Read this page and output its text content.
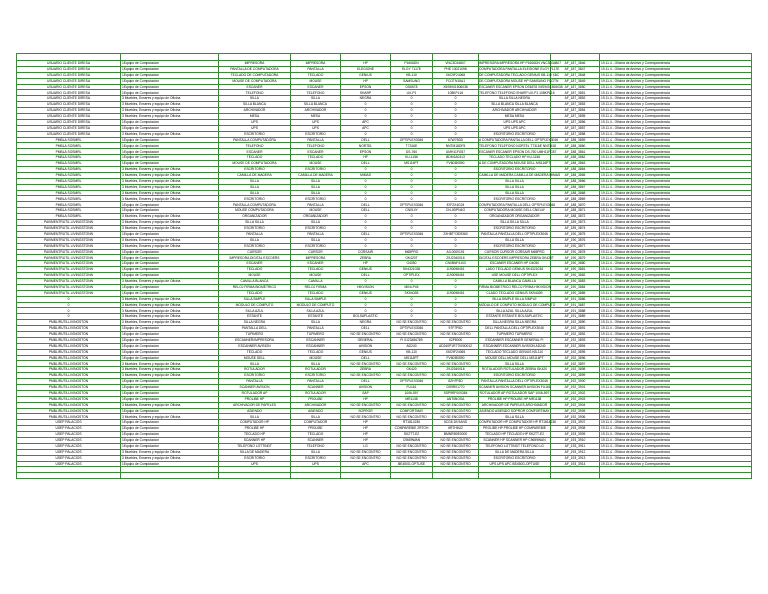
USUARIO CLIENTE DIRESA	1Equipo de Computacion	IMPRESORA	IMPRESORA	HP	P1606DN	VNC3D34807	IMPRESORA IMPRESORA HP P1606DN VNC3D34807	AF_187_3846	19.11.4 - Oficina de Archivo y Correspondencia
USUARIO CLIENTE DIRESA	1Equipo de Computacion	PANTALLA DE COMPUTADORA	PANTALLA	ELEGIONE	ELGY 7117E	PHE 13021098	COMPUTADORA PANTALLA ELEGIONE ELGY 7117E	AF_187_3847	19.11.4 - Oficina de Archivo y Correspondencia
USUARIO CLIENTE DIRESA	1Equipo de Computacion	TECLADO DE COMPUTADORA	TECLADO	GENIUS	KB-110	X6C9F24065	DE COMPUTADORA TECLADO GENIUS KB-110 X6C	AF_187_3848	19.11.4 - Oficina de Archivo y Correspondencia
USUARIO CLIENTE DIRESA	1Equipo de Computacion	MOUSE DE COMPUTADORA	MOUSE	HP	SAMSUNG	FCGTN15A1	DE COMPUTADORA MOUSE HP SAMSUNG FCGTN	AF_187_3849	19.11.4 - Oficina de Archivo y Correspondencia
USUARIO CLIENTE DIRESA	1Equipo de Computacion	ESCANER	ESCANER	EPSON	DS6578	X5S9001506038	ESCANER ESCANER EPSON DS6578 X5S9001506038	AF_187_3850	19.11.4 - Oficina de Archivo y Correspondencia
USUARIO CLIENTE DIRESA	1Equipo de Computacion	TELEFONO	TELEFONO	SHARP	UX-P1	108KPL16	TELEFONO TELEFONO SHARP UX-P1 108KPL16	AF_187_3851	19.11.4 - Oficina de Archivo y Correspondencia
USUARIO CLIENTE DIRESA	3 Muebles, Enseres y equipo de Oficina	SILLA	SILLA	NEGRA	0	0	SILLA SILLA NEGRA	AF_187_3852	19.11.4 - Oficina de Archivo y Correspondencia
USUARIO CLIENTE DIRESA	3 Muebles, Enseres y equipo de Oficina	SILLA BLANCA	SILLA BLANCA	0	0	0	SILLA BLANCA SILLA BLANCA	AF_187_3853	19.11.4 - Oficina de Archivo y Correspondencia
USUARIO CLIENTE DIRESA	3 Muebles, Enseres y equipo de Oficina	ARCHIVADOR	ARCHIVADOR	0	0	0	ARCHIVADOR ARCHIVADOR	AF_187_3854	19.11.4 - Oficina de Archivo y Correspondencia
USUARIO CLIENTE DIRESA	3 Muebles, Enseres y equipo de Oficina	MESA	MESA	0	0	0	MESA MESA	AF_187_3855	19.11.4 - Oficina de Archivo y Correspondencia
USUARIO CLIENTE DIRESA	1Equipo de Computacion	UPS	UPS	APC	0	0	UPS UPS APC	AF_187_3856	19.11.4 - Oficina de Archivo y Correspondencia
USUARIO CLIENTE DIRESA	1Equipo de Computacion	UPS	UPS	APC	0	0	UPS UPS APC	AF_187_3857	19.11.4 - Oficina de Archivo y Correspondencia
USUARIO CLIENTE DIRESA	3 Muebles, Enseres y equipo de Oficina	ESCRITORIO	ESCRITORIO	0	0	0	ESCRITORIO ESCRITORIO	AF_187_3858	19.11.4 - Oficina de Archivo y Correspondencia
PMBLA SOSMRL	1Equipo de Computacion	PANTALLA COMPUTADORA	PANTALLA	DELL	OPTIPLEX3046	67W7B3D	A COMPUTADORA PANTALLA DELL OPTIPLEX3046	AF_188_3859	19.11.4 - Oficina de Archivo y Correspondencia
PMBLA SOSMRL	1Equipo de Computacion	TELEFONO	TELEFONO	NORTEL	T7316E	NNTM18DF5	TELEFONO TELEFONO NORTEL T7316E NNTM18	AF_188_3860	19.11.4 - Oficina de Archivo y Correspondencia
PMBLA SOSMRL	1Equipo de Computacion	ESCANER	ESCANER	EPSON	DS-760	UMH11FG57	ESCANER ESCANER EPSON DS-760 UMH11FG57	AF_188_3861	19.11.4 - Oficina de Archivo y Correspondencia
PMBLA SOSMRL	1Equipo de Computacion	TECLADO	TECLADO	HP	KU-1156	BDM1A0413	TECLADO TECLADO HP KU-1156	AF_188_3862	19.11.4 - Oficina de Archivo y Correspondencia
PMBLA SOSMRL	1Equipo de Computacion	MOUSE DE COMPUTADORA	MOUSE	DELL	MS116PT	FV6DB0590	A DE COMPUTADORA MOUSE DELL MS116PT	AF_188_3863	19.11.4 - Oficina de Archivo y Correspondencia
PMBLA SOSMRL	3 Muebles, Enseres y equipo de Oficina	ESCRITORIO	ESCRITORIO	0	0	0	ESCRITORIO ESCRITORIO	AF_188_3864	19.11.4 - Oficina de Archivo y Correspondencia
PMBLA SOSMRL	3 Muebles, Enseres y equipo de Oficina	CAMILLA DE MADERA	CAMILLA DE MADERA	MIMAS	0	0	CAMILLA DE MADERA CAMILLA DE MADERA MIMAS	AF_188_3865	19.11.4 - Oficina de Archivo y Correspondencia
PMBLA SOSMRL	3 Muebles, Enseres y equipo de Oficina	SILLA	SILLA	0	0	0	SILLA SILLA	AF_188_3866	19.11.4 - Oficina de Archivo y Correspondencia
PMBLA SOSMRL	3 Muebles, Enseres y equipo de Oficina	SILLA	SILLA	0	0	0	SILLA SILLA	AF_188_3867	19.11.4 - Oficina de Archivo y Correspondencia
PMBLA SOSMRL	3 Muebles, Enseres y equipo de Oficina	SILLA	SILLA	0	0	0	SILLA SILLA	AF_188_3868	19.11.4 - Oficina de Archivo y Correspondencia
PMBLA SOSMRL	3 Muebles, Enseres y equipo de Oficina	ESCRITORIO	ESCRITORIO	0	0	0	ESCRITORIO ESCRITORIO	AF_188_3869	19.11.4 - Oficina de Archivo y Correspondencia
PMBLA SOSMRL	1Equipo de Computacion	PANTALLA COMPUTADORA	PANTALLA	DELL	OPTIPLEX3046	87F2X4G24	COMPUTADORA PANTALLA DELL OPTIPLEX3046	AF_188_3870	19.11.4 - Oficina de Archivo y Correspondencia
PMBLA SOSMRL	1Equipo de Computacion	MOUSE COMPUTADORA	MOUSE	DELL	CN014Y	CN-0DPN4G	COMPUTADORA MOUSE DELL CN014Y	AF_188_3871	19.11.4 - Oficina de Archivo y Correspondencia
PMBLA SOSMRL	3 Muebles, Enseres y equipo de Oficina	ORGANIZADOR	ORGANIZADOR	0	0	0	ORGANIZADOR ORGANIZADOR	AF_188_3872	19.11.4 - Oficina de Archivo y Correspondencia
PAVIMENTRUTIL LIVINGSTONN	3 Muebles, Enseres y equipo de Oficina	SILLA SILLA	SILLA	0	0	0	SILLA SILLA SILLA	AF_189_3873	19.11.4 - Oficina de Archivo y Correspondencia
PAVIMENTRUTIL LIVINGSTONN	3 Muebles, Enseres y equipo de Oficina	ESCRITORIO	ESCRITORIO	0	0	0	ESCRITORIO ESCRITORIO	AF_189_3874	19.11.4 - Oficina de Archivo y Correspondencia
PAVIMENTRUTIL LIVINGSTONN	1Equipo de Computacion	PANTALLA	PANTALLA	DELL	OPTIPLEX3046	2XHBTY3D9360	PANTALLA PANTALLA DELL OPTIPLEX3046	AF_190_3875	19.11.4 - Oficina de Archivo y Correspondencia
PAVIMENTRUTIL LIVINGSTONN	3 Muebles, Enseres y equipo de Oficina	SILLA	SILLA	0	0	0	SILLA SILLA	AF_190_3876	19.11.4 - Oficina de Archivo y Correspondencia
PAVIMENTRUTIL LIVINGSTONN	3 Muebles, Enseres y equipo de Oficina	ESCRITORIO	ESCRITORIO	0	0	0	ESCRITORIO ESCRITORIO	AF_190_3877	19.11.4 - Oficina de Archivo y Correspondencia
PAVIMENTRUTIL LIVINGSTONN	1Equipo de Computacion	CURSOR	CURSOR	CORSAIR	M65PRO	A3-0000191	CURSOR CURSOR CORSAIR M65PRO	AF_190_3878	19.11.4 - Oficina de Archivo y Correspondencia
PAVIMENTRUTIL LIVINGSTONN	1Equipo de Computacion	IMPRESORA DIGITAL ESCOERS	IMPRESORA	ZEBRA	GK420T	29J2340016	DIGITAL ESCOERS IMPRESORA ZEBRA GK420T	AF_190_3879	19.11.4 - Oficina de Archivo y Correspondencia
PAVIMENTRUTIL LIVINGSTONN	1Equipo de Computacion	ESCANER	ESCANER	HP	G4050	CN0BNF4103	ESCANER ESCANER HP G4050	AF_190_3880	19.11.4 - Oficina de Archivo y Correspondencia
PAVIMENTRUTIL LIVINGSTONN	1Equipo de Computacion	TECLADO	TECLADO	GENIUS	SK4321038	1190098451	LADO TECLADO GENIUS SK4321038	AF_190_3881	19.11.4 - Oficina de Archivo y Correspondencia
PAVIMENTRUTIL LIVINGSTONN	1Equipo de Computacion	MOUSE	MOUSE	DELL	OPTIPLEX	1190098451	USE MOUSE DELL OPTIPLEX	AF_190_3882	19.11.4 - Oficina de Archivo y Correspondencia
PAVIMENTRUTIL LIVINGSTONN	3 Muebles, Enseres y equipo de Oficina	CAMILLA BLANCA	CAMILLA	0	0	0	CAMILLA BLANCA CAMILLA	AF_190_3883	19.11.4 - Oficina de Archivo y Correspondencia
PAVIMENTRUTIL LIVINGSTONN	1Equipo de Computacion	RELOJ FIRMA BIOMETRICO	RELOJ FIRMA	HIKVISION	MINI-P45	0	FIRMA BIOMETRICO RELOJ FIRMA HIKVISION	AF_190_3884	19.11.4 - Oficina de Archivo y Correspondencia
PAVIMENTRUTIL LIVINGSTONN	1Equipo de Computacion	TECLADO	TECLADO	GENIUS	SK9402B	1190098451	CLADO TECLADO GENIUS SK9402B	AF_190_3885	19.11.4 - Oficina de Archivo y Correspondencia
0	3 Muebles, Enseres y equipo de Oficina	SILLA SIMPLE	SILLA SIMPLE	0	0	0	SILLA SIMPLE SILLA SIMPLE	AF_191_3886	19.11.4 - Oficina de Archivo y Correspondencia
0	3 Muebles, Enseres y equipo de Oficina	MODULO DE COMPUTO	MODULO DE COMPUTO	0	0	0	MODULO DE COMPUTO MODULO DE COMPUTO	AF_191_3887	19.11.4 - Oficina de Archivo y Correspondencia
0	3 Muebles, Enseres y equipo de Oficina	SILLA AZUL	SILLA AZUL	0	0	0	SILLA AZUL SILLA AZUL	AF_191_3888	19.11.4 - Oficina de Archivo y Correspondencia
0	3 Muebles, Enseres y equipo de Oficina	ESTANTE	ESTANTE	BOLSAPLASTIC	0	0	ESTANTE ESTANTE BOLSAPLASTIC	AF_191_3889	19.11.4 - Oficina de Archivo y Correspondencia
PMBLIRUTILLIVINGSTON	3 Muebles, Enseres y equipo de Oficina	SILLA NEGRA	SILLA	NEGRA	NO SE ENCONTRO	NO SE ENCONTRO	SILLA NEGRA SILLA NEGRA	AF_192_3890	19.11.4 - Oficina de Archivo y Correspondencia
PMBLIRUTILLIVINGSTON	1Equipo de Computacion	PANTALLA DELL	PANTALLA	DELL	OPTIPLEX3046	97F7P5D	DELL PANTALLA DELL OPTIPLEX3046	AF_192_3891	19.11.4 - Oficina de Archivo y Correspondencia
PMBLIRUTILLIVINGSTON	1Equipo de Computacion	TUPIMERO	TUPIMERO	NO SE ENCONTRO	NO SE ENCONTRO	NO SE ENCONTRO	TUPIMERO TUPIMERO	AF_192_3892	19.11.4 - Oficina de Archivo y Correspondencia
PMBLIRUTILLIVINGSTON	1Equipo de Computacion	ESCANNER/IMPRESORA	ESCANNER	GENERAL	FI 0123456789	X2P8000	ESCANNER ESCANNER GENERAL FI	AF_192_3893	19.11.4 - Oficina de Archivo y Correspondencia
PMBLIRUTILLIVINGSTON	1Equipo de Computacion	ESCANNER AVISION	ESCANNER	AVISION	AD240	AD240P1R770000012	ESCANNER ESCANNER AVISION AD240	AF_192_3894	19.11.4 - Oficina de Archivo y Correspondencia
PMBLIRUTILLIVINGSTON	1Equipo de Computacion	TECLADO	TECLADO	GENIUS	KB-110	X6C9F24065	TECLADO TECLADO GENIUS KB-110	AF_192_3895	19.11.4 - Oficina de Archivo y Correspondencia
PMBLIRUTILLIVINGSTON	1Equipo de Computacion	MOUSE DELL	MOUSE	DELL	MS116PT	FV6DB0590	MOUSE DELL MOUSE DELL MS116PT	AF_192_3896	19.11.4 - Oficina de Archivo y Correspondencia
PMBLIRUTILLIVINGSTON	3 Muebles, Enseres y equipo de Oficina	SILLA	SILLA	NO SE ENCONTRO	NO SE ENCONTRO	NO SE ENCONTRO	SILLA SILLA	AF_192_3897	19.11.4 - Oficina de Archivo y Correspondencia
PMBLIRUTILLIVINGSTON	3 Muebles, Enseres y equipo de Oficina	ROTULADOR	ROTULADOR	ZEBRA	GK420	29J2340016	ROTULADOR ROTULADOR ZEBRA GK420	AF_192_3898	19.11.4 - Oficina de Archivo y Correspondencia
PMBLIRUTILLIVINGSTON	3 Muebles, Enseres y equipo de Oficina	ESCRITORIO	ESCRITORIO	NO SE ENCONTRO	NO SE ENCONTRO	NO SE ENCONTRO	ESCRITORIO ESCRITORIO	AF_192_3899	19.11.4 - Oficina de Archivo y Correspondencia
PMBLIRUTILLIVINGSTON	1Equipo de Computacion	PANTALLA	PANTALLA	DELL	OPTIPLEX3046	8ZH7P5D	PANTALLA PANTALLA DELL OPTIPLEX3046	AF_192_3900	19.11.4 - Oficina de Archivo y Correspondencia
PMBLIRUTILLIVINGSTON	1Equipo de Computacion	SCANNER AVISION	SCANNER	AVISION	FU161	DS9R01770	SCANNER AVISION SCANNER AVISION FU161	AF_192_3901	19.11.4 - Oficina de Archivo y Correspondencia
PMBLIRUTILLIVINGSTON	1Equipo de Computacion	ROTULADOR AP	ROTULADOR	SAP	1006-597	SSP9RF000384	ROTULADOR AP ROTULADOR SAP 1006-597	AF_192_3902	19.11.4 - Oficina de Archivo y Correspondencia
PMBLIRUTILLIVINGSTON	1Equipo de Computacion	PROLIBE HP	PROLIBE	HP	MR1138	ANTIBIOSA	PROLIBE HP PROLIBE HP MR1138	AF_192_3903	19.11.4 - Oficina de Archivo y Correspondencia
PMBLIRUTILLIVINGSTON	3 Muebles, Enseres y equipo de Oficina	ARCHIVADOR DE PAPELES	ARCHIVADOR	NO SE ENCONTRO	NO SE ENCONTRO	NO SE ENCONTRO	ARCHIVADOR DE PAPELES ARCHIVADOR	AF_192_3904	19.11.4 - Oficina de Archivo y Correspondencia
PMBLIRUTILLIVINGSTON	1Equipo de Computacion	ASIENDO	ASIENDO	SOPROR	COMFORTMAY	NO SE ENCONTRO	ASIENDO ASIENDO SOPROR COMFORTMAY	AF_192_3905	19.11.4 - Oficina de Archivo y Correspondencia
PMBLIRUTILLIVINGSTON	3 Muebles, Enseres y equipo de Oficina	SILLA	SILLA	NO SE ENCONTRO	NO SE ENCONTRO	NO SE ENCONTRO	SILLA SILLA	AF_192_3906	19.11.4 - Oficina de Archivo y Correspondencia
USEP PALACIOS	1Equipo de Computacion	COMPUTADOR HP	COMPUTADOR	HP	RT1814236	5CG8 1B 9ANS	COMPUTADOR HP COMPUTADOR HP RT1814236	AF_193_3907	19.11.4 - Oficina de Archivo y Correspondencia
USEP PALACIOS	1Equipo de Computacion	PROLIBE HP	PROLIBE	HP	COMPAREBIE 2RTOH	6RTH6U2	PROLIBE HP PROLIBE HP COMPAREBIE	AF_193_3908	19.11.4 - Oficina de Archivo y Correspondencia
USEP PALACIOS	1Equipo de Computacion	TECLADO HP	TECLADO	HP	SK2TT-E2	BMNRB0E0000	TECLADO HP TECLADO HP SK2TT-E2	AF_193_3909	19.11.4 - Oficina de Archivo y Correspondencia
USEP PALACIOS	1Equipo de Computacion	SCANNER HP	SCANNER	HP	C9659WAN	NO SE ENCONTRO	SCANNER HP SCANNER HP C9659WAN	AF_193_3910	19.11.4 - Oficina de Archivo y Correspondencia
USEP PALACIOS	1Equipo de Computacion	TELEFONO LGTTINDT	TELEFONO	LG	NO SE ENCONTRO	NO SE ENCONTRO	TELEFONO LGTTINDT TELEFONO LG	AF_193_3911	19.11.4 - Oficina de Archivo y Correspondencia
USEP PALACIOS	3 Muebles, Enseres y equipo de Oficina	SILLA DE MADERA	SILLA	NO SE ENCONTRO	NO SE ENCONTRO	NO SE ENCONTRO	SILLA DE MADERA SILLA	AF_193_3912	19.11.4 - Oficina de Archivo y Correspondencia
USEP PALACIOS	3 Muebles, Enseres y equipo de Oficina	ESCRITORIO	ESCRITORIO	NO SE ENCONTRO	NO SE ENCONTRO	NO SE ENCONTRO	ESCRITORIO ESCRITORIO	AF_193_3913	19.11.4 - Oficina de Archivo y Correspondencia
USEP PALACIOS	1Equipo de Computacion	UPS	UPS	APC	BE450G-OPTUSE	NO SE ENCONTRO	UPS UPS APC BE450G-OPTUSE	AF_193_3914	19.11.4 - Oficina de Archivo y Correspondencia
